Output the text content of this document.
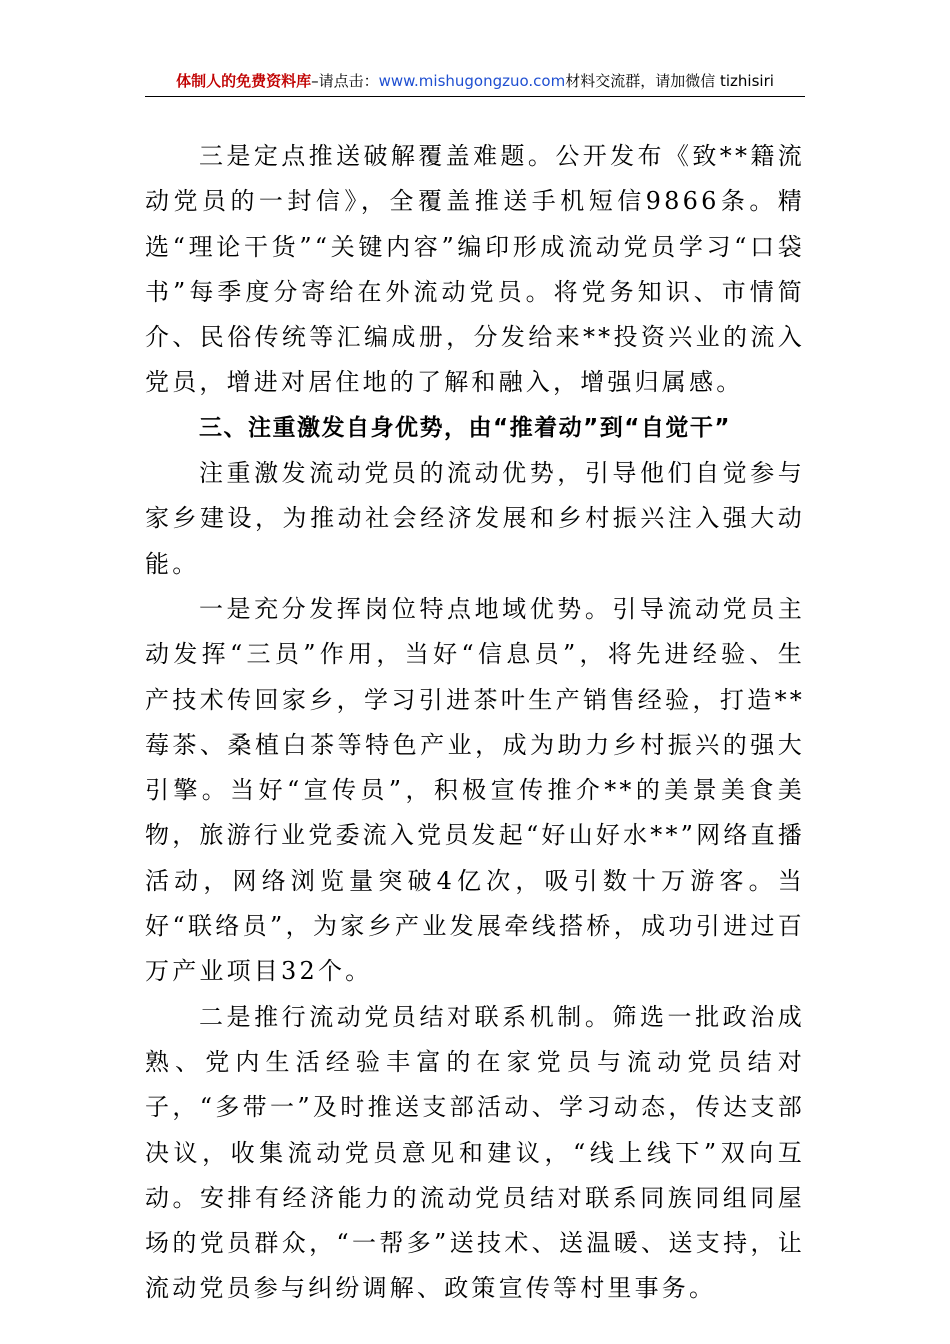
体制人的免费资料库–请点击：www.mishugongzuo.com材料交流群，请加微信 tizhisiri

三是定点推送破解覆盖难题。公开发布《致**籍流动党员的一封信》，全覆盖推送手机短信9866条。精选“理论干货”“关键内容”编印形成流动党员学习“口袋书”每季度分寄给在外流动党员。将党务知识、市情简介、民俗传统等汇编成册，分发给来**投资兴业的流入党员，增进对居住地的了解和融入，增强归属感。

三、注重激发自身优势，由“推着动”到“自觉干”

注重激发流动党员的流动优势，引导他们自觉参与家乡建设，为推动社会经济发展和乡村振兴注入强大动能。

一是充分发挥岗位特点地域优势。引导流动党员主动发挥“三员”作用，当好“信息员”，将先进经验、生产技术传回家乡，学习引进茶叶生产销售经验，打造**莓茶、桑植白茶等特色产业，成为助力乡村振兴的强大引擎。当好“宣传员”，积极宣传推介**的美景美食美物，旅游行业党委流入党员发起“好山好水**”网络直播活动，网络浏览量突破4亿次，吸引数十万游客。当好“联络员”，为家乡产业发展牵线搭桥，成功引进过百万产业项目32个。

二是推行流动党员结对联系机制。筛选一批政治成熟、党内生活经验丰富的在家党员与流动党员结对子，“多带一”及时推送支部活动、学习动态，传达支部决议，收集流动党员意见和建议，“线上线下”双向互动。安排有经济能力的流动党员结对联系同族同组同屋场的党员群众，“一帮多”送技术、送温暖、送支持，让流动党员参与纠纷调解、政策宣传等村里事务。
